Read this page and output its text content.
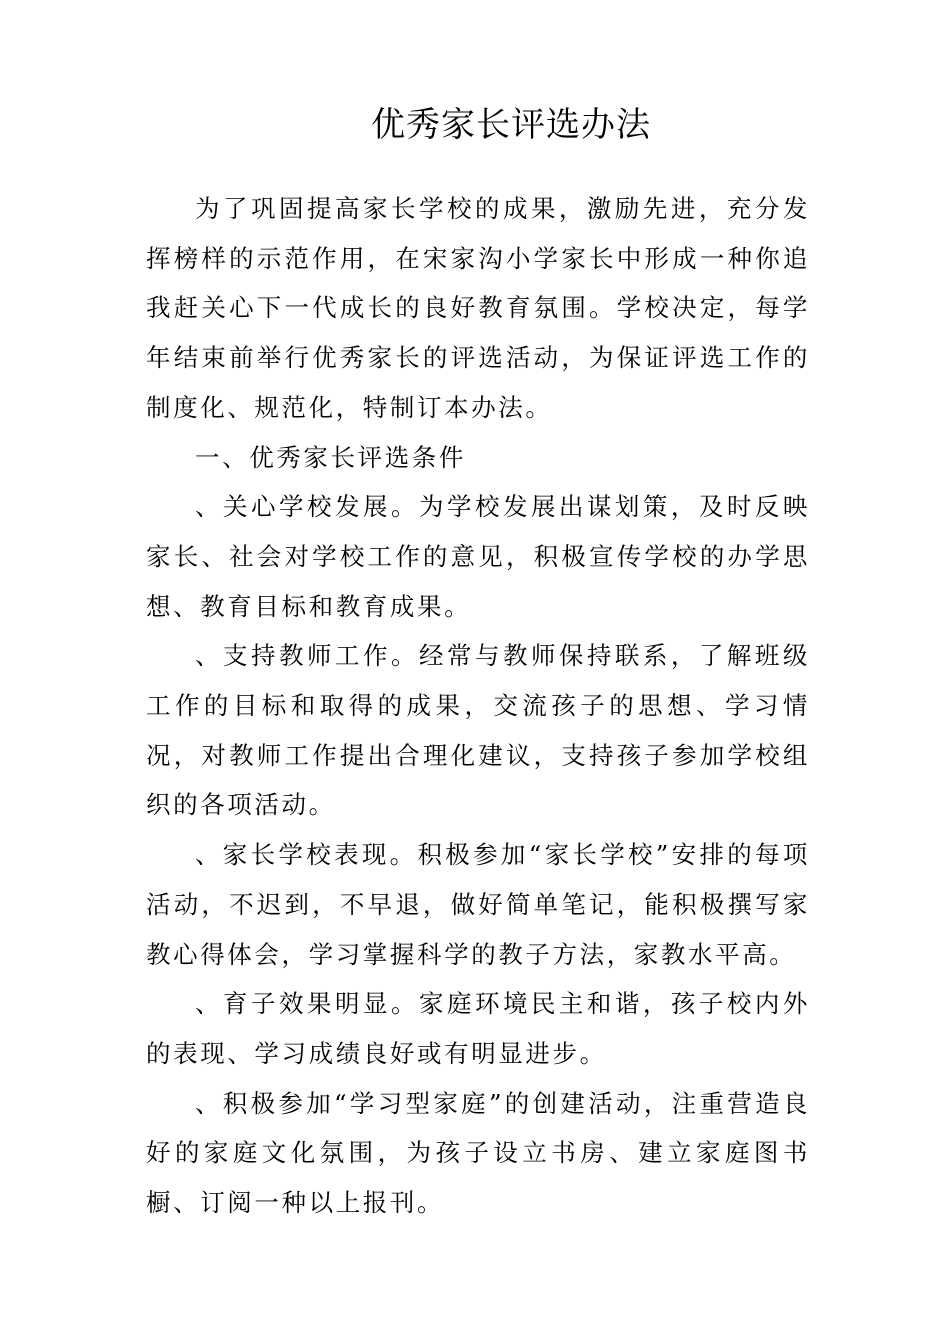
优秀家长评选办法

为了巩固提高家长学校的成果，激励先进，充分发挥榜样的示范作用，在宋家沟小学家长中形成一种你追我赶关心下一代成长的良好教育氛围。学校决定，每学年结束前举行优秀家长的评选活动，为保证评选工作的制度化、规范化，特制订本办法。

一、优秀家长评选条件

、关心学校发展。为学校发展出谋划策，及时反映家长、社会对学校工作的意见，积极宣传学校的办学思想、教育目标和教育成果。

、支持教师工作。经常与教师保持联系，了解班级工作的目标和取得的成果，交流孩子的思想、学习情况，对教师工作提出合理化建议，支持孩子参加学校组织的各项活动。

、家长学校表现。积极参加“家长学校”安排的每项活动，不迟到，不早退，做好简单笔记，能积极撰写家教心得体会，学习掌握科学的教子方法，家教水平高。

、育子效果明显。家庭环境民主和谐，孩子校内外的表现、学习成绩良好或有明显进步。

、积极参加“学习型家庭”的创建活动，注重营造良好的家庭文化氛围，为孩子设立书房、建立家庭图书橱、订阅一种以上报刊。
